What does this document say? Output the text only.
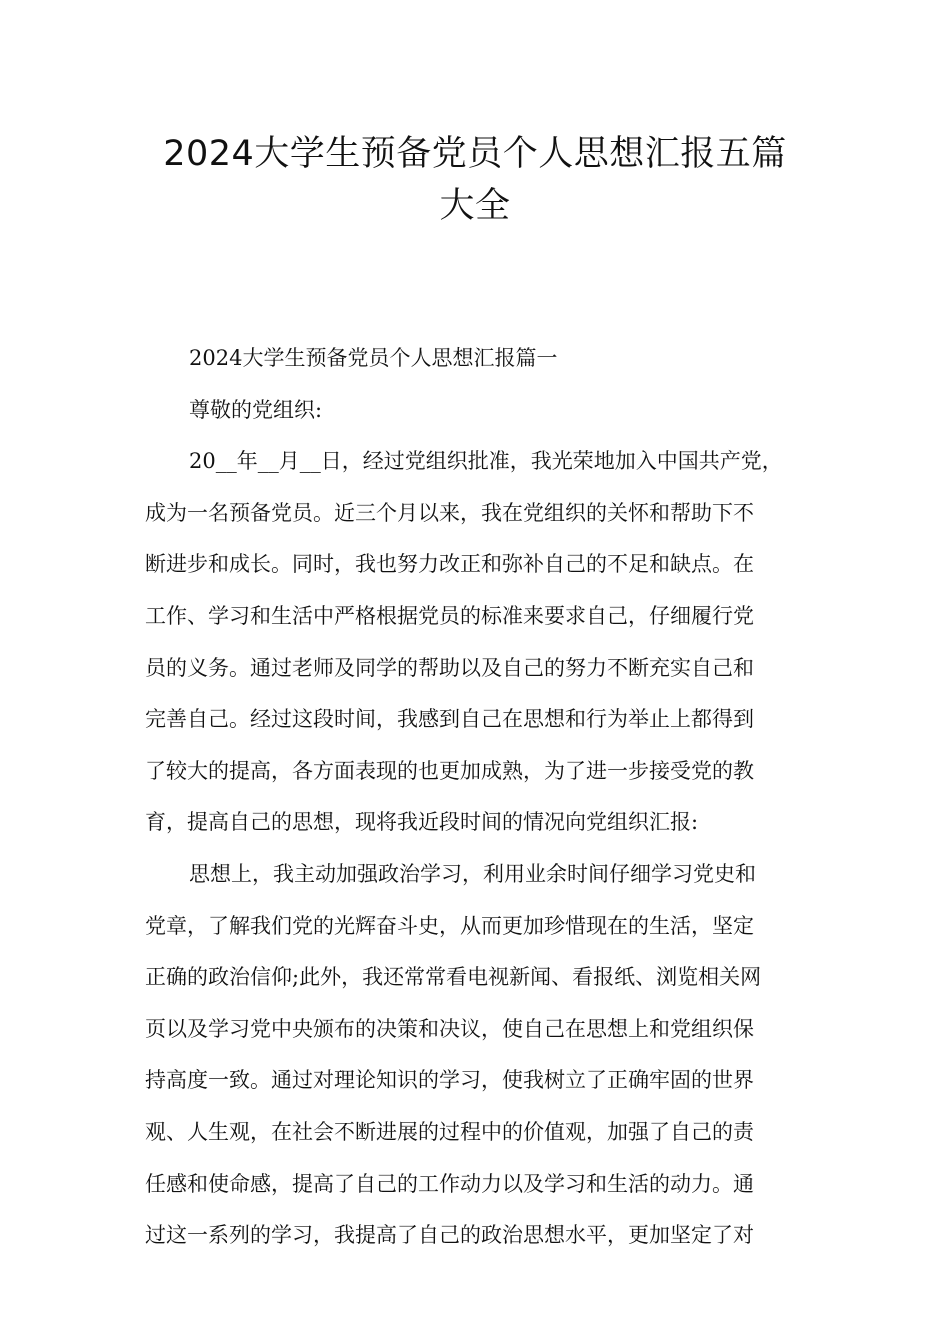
2024大学生预备党员个人思想汇报五篇
大全
2024大学生预备党员个人思想汇报篇一
尊敬的党组织:
20__年__月__日，经过党组织批准，我光荣地加入中国共产党，
成为一名预备党员。近三个月以来，我在党组织的关怀和帮助下不
断进步和成长。同时，我也努力改正和弥补自己的不足和缺点。在
工作、学习和生活中严格根据党员的标准来要求自己，仔细履行党
员的义务。通过老师及同学的帮助以及自己的努力不断充实自己和
完善自己。经过这段时间，我感到自己在思想和行为举止上都得到
了较大的提高，各方面表现的也更加成熟，为了进一步接受党的教
育，提高自己的思想，现将我近段时间的情况向党组织汇报:
思想上，我主动加强政治学习，利用业余时间仔细学习党史和
党章，了解我们党的光辉奋斗史，从而更加珍惜现在的生活，坚定
正确的政治信仰;此外，我还常常看电视新闻、看报纸、浏览相关网
页以及学习党中央颁布的决策和决议，使自己在思想上和党组织保
持高度一致。通过对理论知识的学习，使我树立了正确牢固的世界
观、人生观，在社会不断进展的过程中的价值观，加强了自己的责
任感和使命感，提高了自己的工作动力以及学习和生活的动力。通
过这一系列的学习，我提高了自己的政治思想水平，更加坚定了对
